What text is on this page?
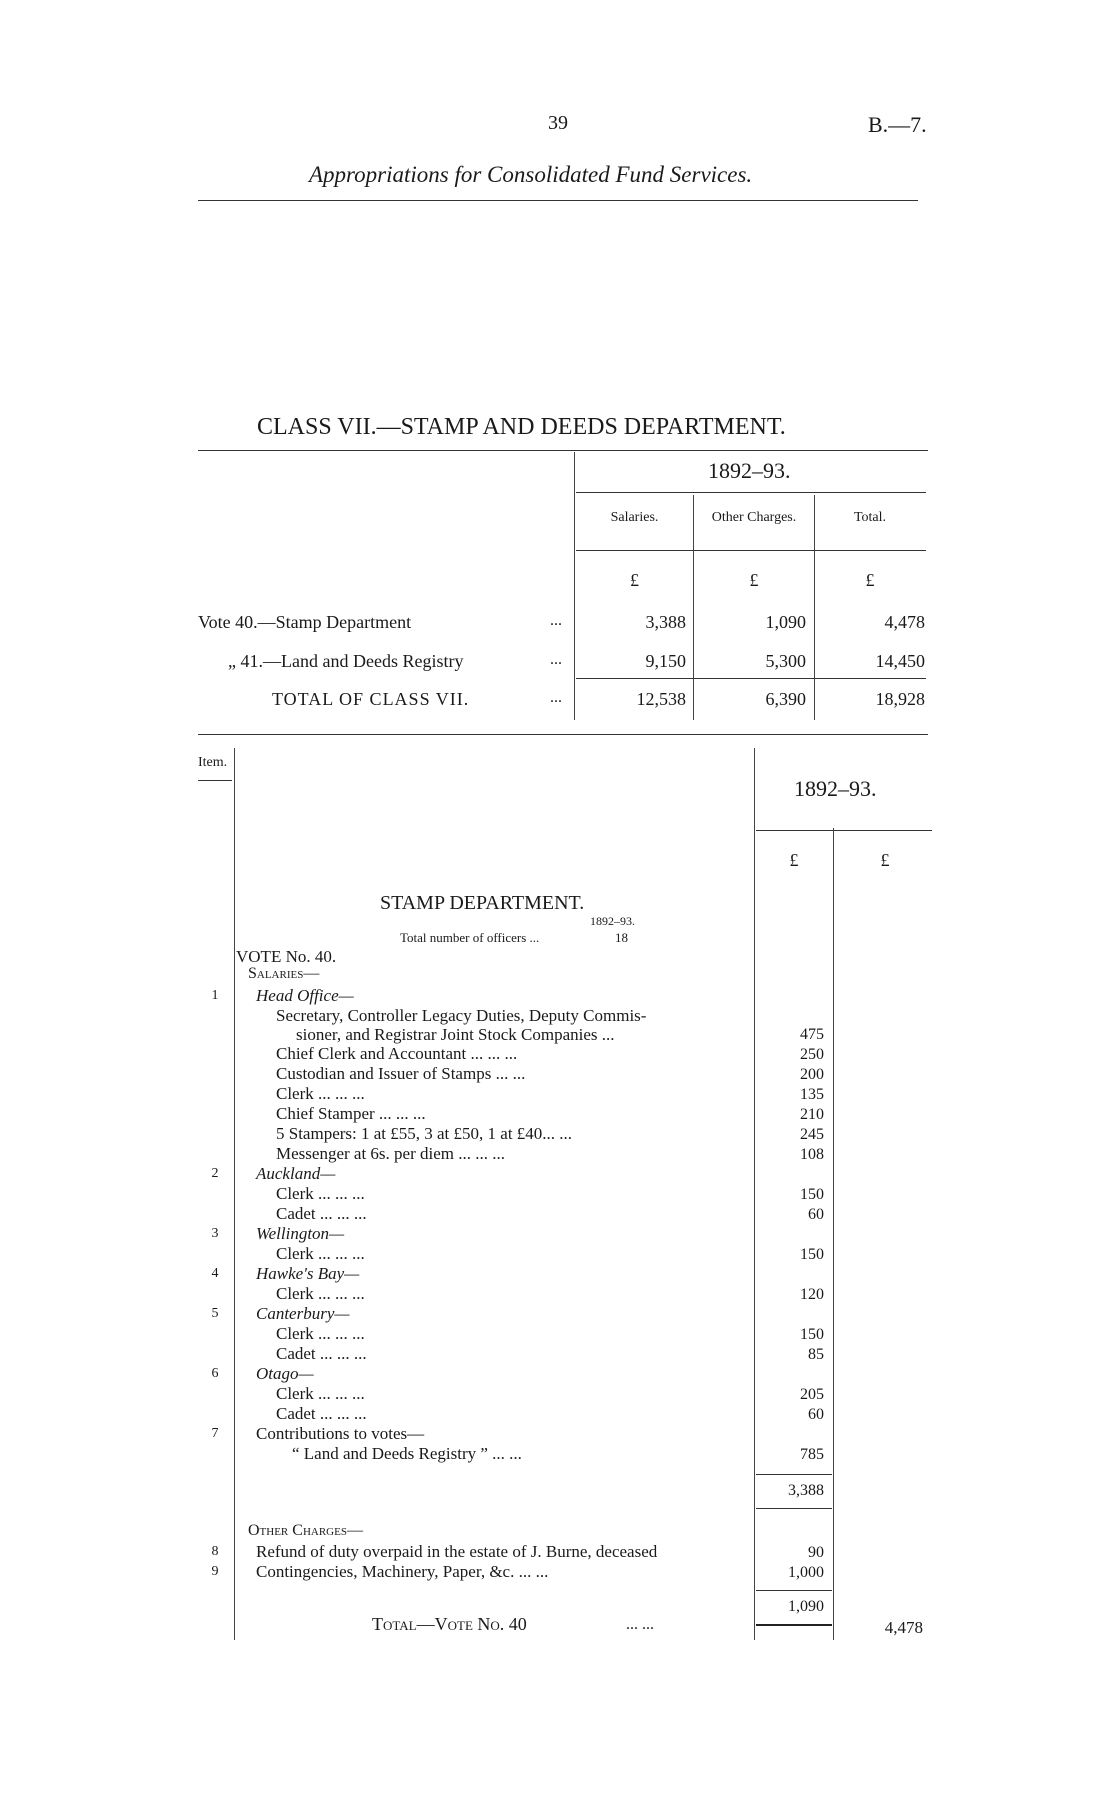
39	B.—7.
Appropriations for Consolidated Fund Services.
CLASS VII.—STAMP AND DEEDS DEPARTMENT.
1892–93.
Salaries.	Other Charges.	Total.
£	£	£
Vote 40.—Stamp Department	...	3,388	1,090	4,478
„ 41.—Land and Deeds Registry	...	9,150	5,300	14,450
TOTAL OF CLASS VII.	...	12,538	6,390	18,928
Item.
1892–93.
£	£
STAMP DEPARTMENT.
1892–93.
Total number of officers ...	18
VOTE No. 40.
Salaries—
1	Head Office—
Secretary, Controller Legacy Duties, Deputy Commis-
sioner, and Registrar Joint Stock Companies ...	475
Chief Clerk and Accountant ... ... ...	250
Custodian and Issuer of Stamps ... ...	200
Clerk ... ... ...	135
Chief Stamper ... ... ...	210
5 Stampers: 1 at £55, 3 at £50, 1 at £40... ...	245
Messenger at 6s. per diem ... ... ...	108
2	Auckland—
Clerk ... ... ...	150
Cadet ... ... ...	60
3	Wellington—
Clerk ... ... ...	150
4	Hawke's Bay—
Clerk ... ... ...	120
5	Canterbury—
Clerk ... ... ...	150
Cadet ... ... ...	85
6	Otago—
Clerk ... ... ...	205
Cadet ... ... ...	60
7	Contributions to votes—
“ Land and Deeds Registry ” ... ...	785
3,388
Other Charges—
8	Refund of duty overpaid in the estate of J. Burne, deceased	90
9	Contingencies, Machinery, Paper, &c. ... ...	1,000
1,090
Total—Vote No. 40	... ...	4,478
